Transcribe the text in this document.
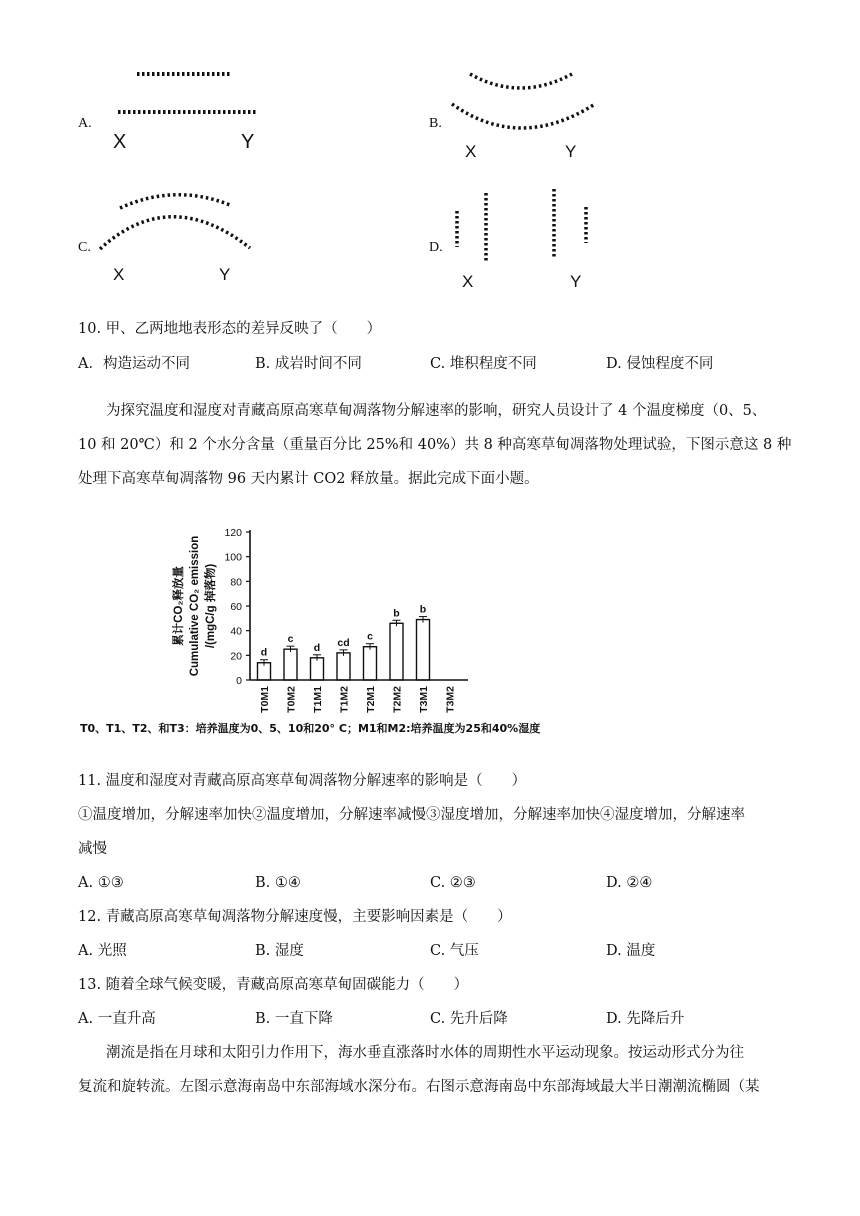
A.
X	Y
B.
X	Y
C.
X	Y
D.
X	Y
10. 甲、乙两地地表形态的差异反映了（　　）
A．构造运动不同	B. 成岩时间不同	C. 堆积程度不同	D. 侵蚀程度不同
为探究温度和湿度对青藏高原高寒草甸凋落物分解速率的影响，研究人员设计了 4 个温度梯度（0、5、
10 和 20℃）和 2 个水分含量（重量百分比 25%和 40%）共 8 种高寒草甸凋落物处理试验，下图示意这 8 种
处理下高寒草甸凋落物 96 天内累计 CO2 释放量。据此完成下面小题。
累计CO₂释放量 Cumulative CO₂ emission /(mgC/g 掉落物)
0
20
40
60
80
100
120
d
c
d cd
c
b b
T0M1 T0M2 T1M1 T1M2 T2M1 T2M2 T3M1 T3M2
T0、T1、T2、和T3：培养温度为0、5、10和20° C；M1和M2:培养温度为25和40%湿度
11. 温度和湿度对青藏高原高寒草甸凋落物分解速率的影响是（　　）
①温度增加，分解速率加快②温度增加，分解速率减慢③湿度增加，分解速率加快④湿度增加，分解速率
减慢
A. ①③	B. ①④	C. ②③	D. ②④
12. 青藏高原高寒草甸凋落物分解速度慢，主要影响因素是（　　）
A. 光照	B. 湿度	C. 气压	D. 温度
13. 随着全球气候变暖，青藏高原高寒草甸固碳能力（　　）
A. 一直升高	B. 一直下降	C. 先升后降	D. 先降后升
潮流是指在月球和太阳引力作用下，海水垂直涨落时水体的周期性水平运动现象。按运动形式分为往
复流和旋转流。左图示意海南岛中东部海域水深分布。右图示意海南岛中东部海域最大半日潮潮流椭圆（某
